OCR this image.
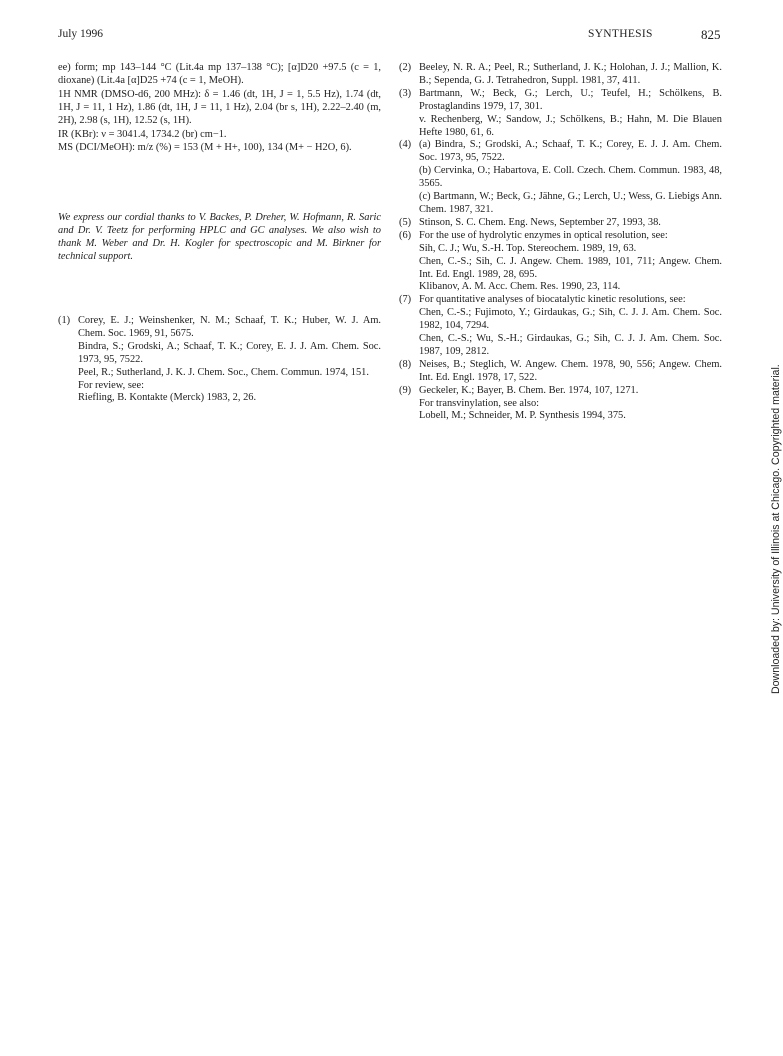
July 1996	SYNTHESIS	825

ee) form; mp 143–144 °C (Lit.4a mp 137–138 °C); [α]D20 +97.5 (c = 1, dioxane) (Lit.4a [α]D25 +74 (c = 1, MeOH).

1H NMR (DMSO-d6, 200 MHz): δ = 1.46 (dt, 1H, J = 1, 5.5 Hz), 1.74 (dt, 1H, J = 11, 1 Hz), 1.86 (dt, 1H, J = 11, 1 Hz), 2.04 (br s, 1H), 2.22–2.40 (m, 2H), 2.98 (s, 1H), 12.52 (s, 1H).

IR (KBr): ν = 3041.4, 1734.2 (br) cm−1.

MS (DCI/MeOH): m/z (%) = 153 (M + H+, 100), 134 (M+ − H2O, 6).

We express our cordial thanks to V. Backes, P. Dreher, W. Hofmann, R. Saric and Dr. V. Teetz for performing HPLC and GC analyses. We also wish to thank M. Weber and Dr. H. Kogler for spectroscopic and M. Birkner for technical support.
(1) Corey, E. J.; Weinshenker, N. M.; Schaaf, T. K.; Huber, W. J. Am. Chem. Soc. 1969, 91, 5675.

Bindra, S.; Grodski, A.; Schaaf, T. K.; Corey, E. J. J. Am. Chem. Soc. 1973, 95, 7522.

Peel, R.; Sutherland, J. K. J. Chem. Soc., Chem. Commun. 1974, 151.

For review, see:

Riefling, B. Kontakte (Merck) 1983, 2, 26.

(2) Beeley, N. R. A.; Peel, R.; Sutherland, J. K.; Holohan, J. J.; Mallion, K. B.; Sependa, G. J. Tetrahedron, Suppl. 1981, 37, 411.

(3) Bartmann, W.; Beck, G.; Lerch, U.; Teufel, H.; Schölkens, B. Prostaglandins 1979, 17, 301.

v. Rechenberg, W.; Sandow, J.; Schölkens, B.; Hahn, M. Die Blauen Hefte 1980, 61, 6.

(4) (a) Bindra, S.; Grodski, A.; Schaaf, T. K.; Corey, E. J. J. Am. Chem. Soc. 1973, 95, 7522.

(b) Cervinka, O.; Habartova, E. Coll. Czech. Chem. Commun. 1983, 48, 3565.

(c) Bartmann, W.; Beck, G.; Jähne, G.; Lerch, U.; Wess, G. Liebigs Ann. Chem. 1987, 321.

(5) Stinson, S. C. Chem. Eng. News, September 27, 1993, 38.

(6) For the use of hydrolytic enzymes in optical resolution, see:

Sih, C. J.; Wu, S.-H. Top. Stereochem. 1989, 19, 63.

Chen, C.-S.; Sih, C. J. Angew. Chem. 1989, 101, 711; Angew. Chem. Int. Ed. Engl. 1989, 28, 695.

Klibanov, A. M. Acc. Chem. Res. 1990, 23, 114.

(7) For quantitative analyses of biocatalytic kinetic resolutions, see:

Chen, C.-S.; Fujimoto, Y.; Girdaukas, G.; Sih, C. J. J. Am. Chem. Soc. 1982, 104, 7294.

Chen, C.-S.; Wu, S.-H.; Girdaukas, G.; Sih, C. J. J. Am. Chem. Soc. 1987, 109, 2812.

(8) Neises, B.; Steglich, W. Angew. Chem. 1978, 90, 556; Angew. Chem. Int. Ed. Engl. 1978, 17, 522.

(9) Geckeler, K.; Bayer, B. Chem. Ber. 1974, 107, 1271.

For transvinylation, see also:

Lobell, M.; Schneider, M. P. Synthesis 1994, 375.	Downloaded by: University of Illinois at Chicago. Copyrighted material.
